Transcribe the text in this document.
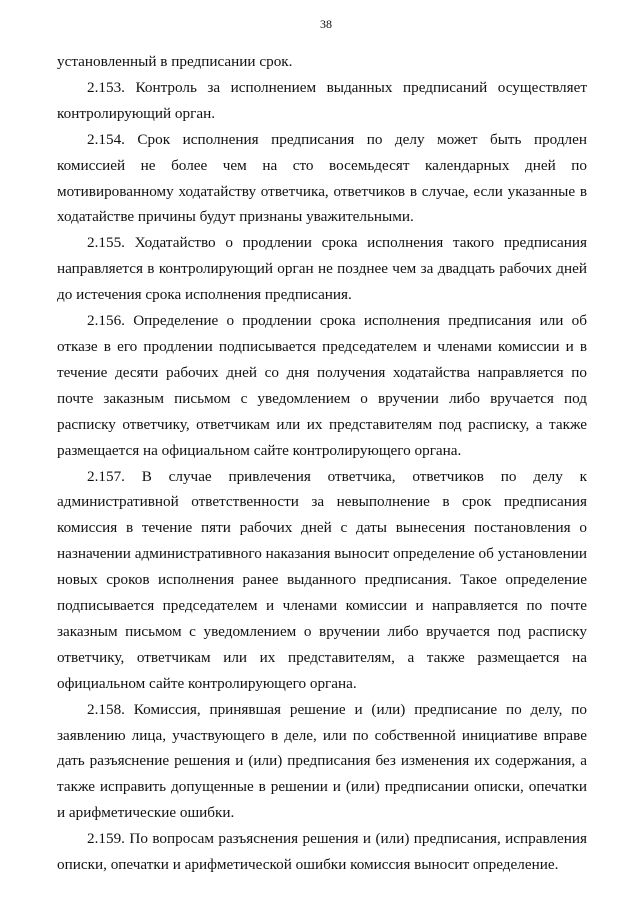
38

установленный в предписании срок.

2.153. Контроль за исполнением выданных предписаний осуществляет контролирующий орган.

2.154. Срок исполнения предписания по делу может быть продлен комиссией не более чем на сто восемьдесят календарных дней по мотивированному ходатайству ответчика, ответчиков в случае, если указанные в ходатайстве причины будут признаны уважительными.

2.155. Ходатайство о продлении срока исполнения такого предписания направляется в контролирующий орган не позднее чем за двадцать рабочих дней до истечения срока исполнения предписания.

2.156. Определение о продлении срока исполнения предписания или об отказе в его продлении подписывается председателем и членами комиссии и в течение десяти рабочих дней со дня получения ходатайства направляется по почте заказным письмом с уведомлением о вручении либо вручается под расписку ответчику, ответчикам или их представителям под расписку, а также размещается на официальном сайте контролирующего органа.

2.157. В случае привлечения ответчика, ответчиков по делу к административной ответственности за невыполнение в срок предписания комиссия в течение пяти рабочих дней с даты вынесения постановления о назначении административного наказания выносит определение об установлении новых сроков исполнения ранее выданного предписания. Такое определение подписывается председателем и членами комиссии и направляется по почте заказным письмом с уведомлением о вручении либо вручается под расписку ответчику, ответчикам или их представителям, а также размещается на официальном сайте контролирующего органа.

2.158. Комиссия, принявшая решение и (или) предписание по делу, по заявлению лица, участвующего в деле, или по собственной инициативе вправе дать разъяснение решения и (или) предписания без изменения их содержания, а также исправить допущенные в решении и (или) предписании описки, опечатки и арифметические ошибки.

2.159. По вопросам разъяснения решения и (или) предписания, исправления описки, опечатки и арифметической ошибки комиссия выносит определение.
